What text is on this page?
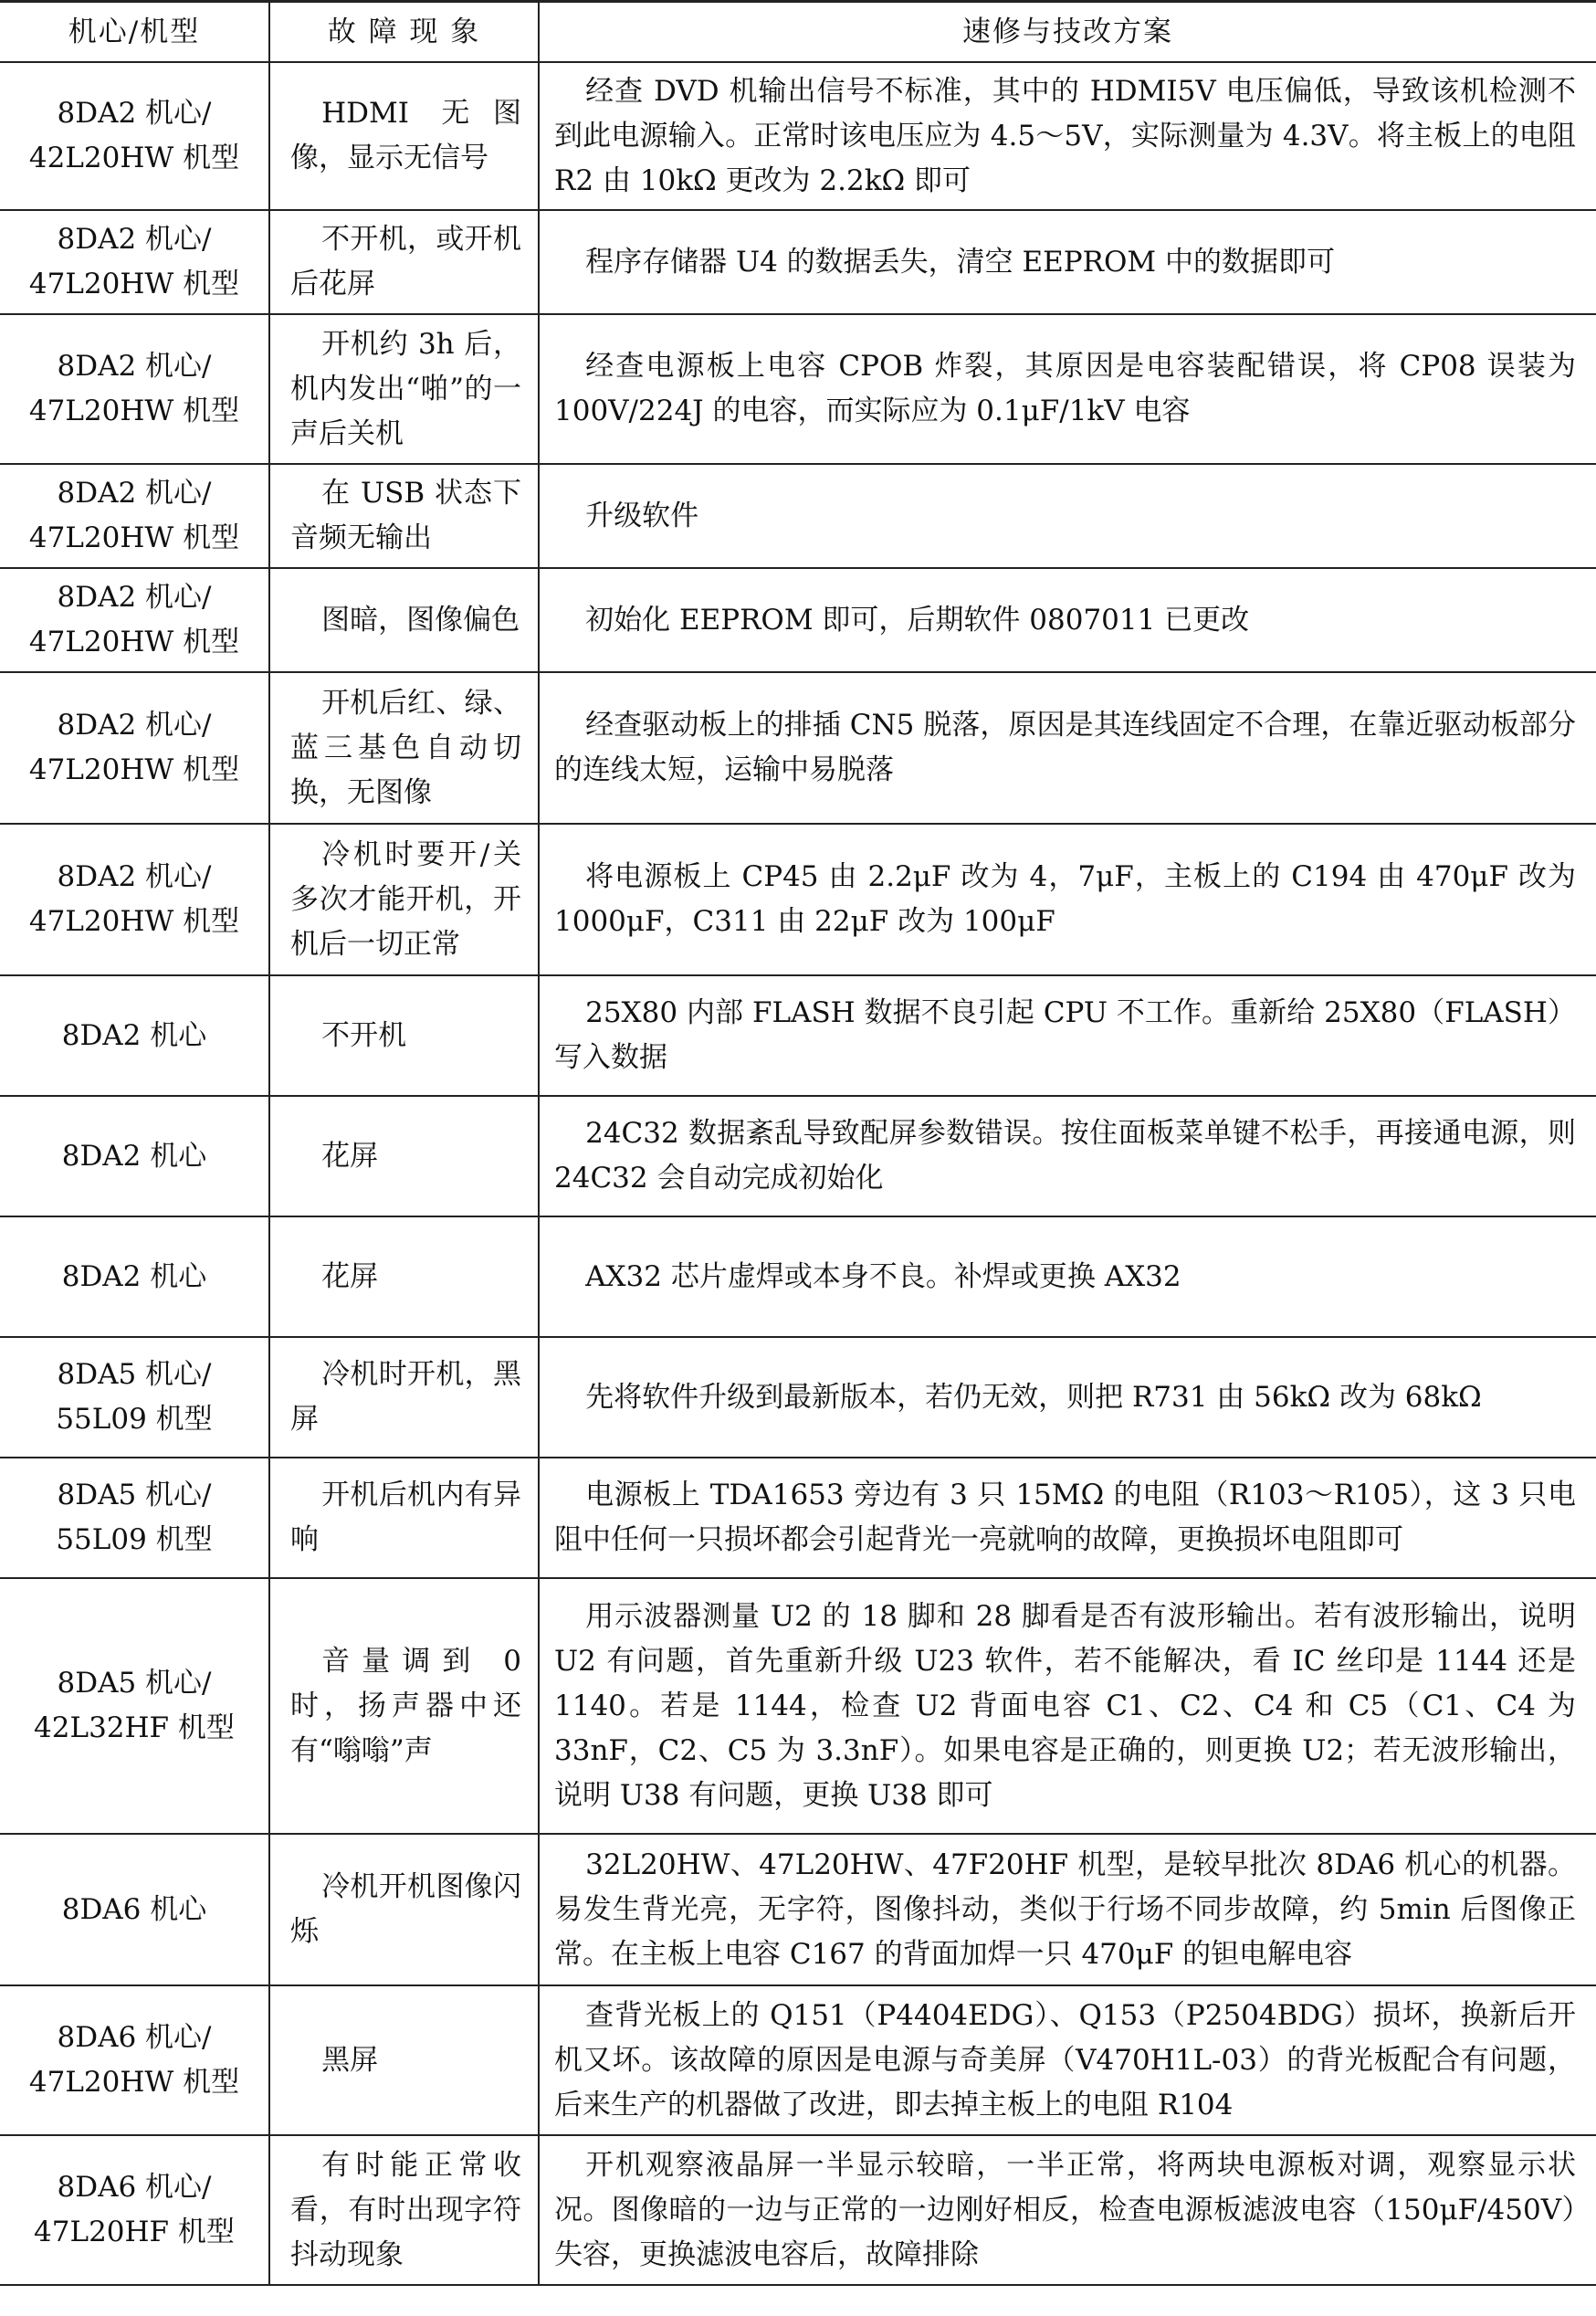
机心/机型	故 障 现 象	速修与技改方案
8DA2 机心/ 42L20HW 机型	HDMI 无图像，显示无信号	经查 DVD 机输出信号不标准，其中的 HDMI5V 电压偏低，导致该机检测不到此电源输入。正常时该电压应为 4.5～5V，实际测量为 4.3V。将主板上的电阻 R2 由 10kΩ 更改为 2.2kΩ 即可
8DA2 机心/ 47L20HW 机型	不开机，或开机后花屏	程序存储器 U4 的数据丢失，清空 EEPROM 中的数据即可
8DA2 机心/ 47L20HW 机型	开机约 3h 后，机内发出“啪”的一声后关机	经查电源板上电容 CPOB 炸裂，其原因是电容装配错误，将 CP08 误装为 100V/224J 的电容，而实际应为 0.1μF/1kV 电容
8DA2 机心/ 47L20HW 机型	在 USB 状态下音频无输出	升级软件
8DA2 机心/ 47L20HW 机型	图暗，图像偏色	初始化 EEPROM 即可，后期软件 0807011 已更改
8DA2 机心/ 47L20HW 机型	开机后红、绿、蓝三基色自动切换，无图像	经查驱动板上的排插 CN5 脱落，原因是其连线固定不合理，在靠近驱动板部分的连线太短，运输中易脱落
8DA2 机心/ 47L20HW 机型	冷机时要开/关多次才能开机，开机后一切正常	将电源板上 CP45 由 2.2μF 改为 4，7μF，主板上的 C194 由 470μF 改为 1000μF，C311 由 22μF 改为 100μF
8DA2 机心	不开机	25X80 内部 FLASH 数据不良引起 CPU 不工作。重新给 25X80（FLASH）写入数据
8DA2 机心	花屏	24C32 数据紊乱导致配屏参数错误。按住面板菜单键不松手，再接通电源，则 24C32 会自动完成初始化
8DA2 机心	花屏	AX32 芯片虚焊或本身不良。补焊或更换 AX32
8DA5 机心/ 55L09 机型	冷机时开机，黑屏	先将软件升级到最新版本，若仍无效，则把 R731 由 56kΩ 改为 68kΩ
8DA5 机心/ 55L09 机型	开机后机内有异响	电源板上 TDA1653 旁边有 3 只 15MΩ 的电阻（R103～R105），这 3 只电阻中任何一只损坏都会引起背光一亮就响的故障，更换损坏电阻即可
8DA5 机心/ 42L32HF 机型	音量调到 0 时，扬声器中还有“嗡嗡”声	用示波器测量 U2 的 18 脚和 28 脚看是否有波形输出。若有波形输出，说明 U2 有问题，首先重新升级 U23 软件，若不能解决，看 IC 丝印是 1144 还是 1140。若是 1144，检查 U2 背面电容 C1、C2、C4 和 C5（C1、C4 为 33nF，C2、C5 为 3.3nF）。如果电容是正确的，则更换 U2；若无波形输出，说明 U38 有问题，更换 U38 即可
8DA6 机心	冷机开机图像闪烁	32L20HW、47L20HW、47F20HF 机型，是较早批次 8DA6 机心的机器。易发生背光亮，无字符，图像抖动，类似于行场不同步故障，约 5min 后图像正常。在主板上电容 C167 的背面加焊一只 470μF 的钽电解电容
8DA6 机心/ 47L20HW 机型	黑屏	查背光板上的 Q151（P4404EDG）、Q153（P2504BDG）损坏，换新后开机又坏。该故障的原因是电源与奇美屏（V470H1L-03）的背光板配合有问题，后来生产的机器做了改进，即去掉主板上的电阻 R104
8DA6 机心/ 47L20HF 机型	有时能正常收看，有时出现字符抖动现象	开机观察液晶屏一半显示较暗，一半正常，将两块电源板对调，观察显示状况。图像暗的一边与正常的一边刚好相反，检查电源板滤波电容（150μF/450V）失容，更换滤波电容后，故障排除
